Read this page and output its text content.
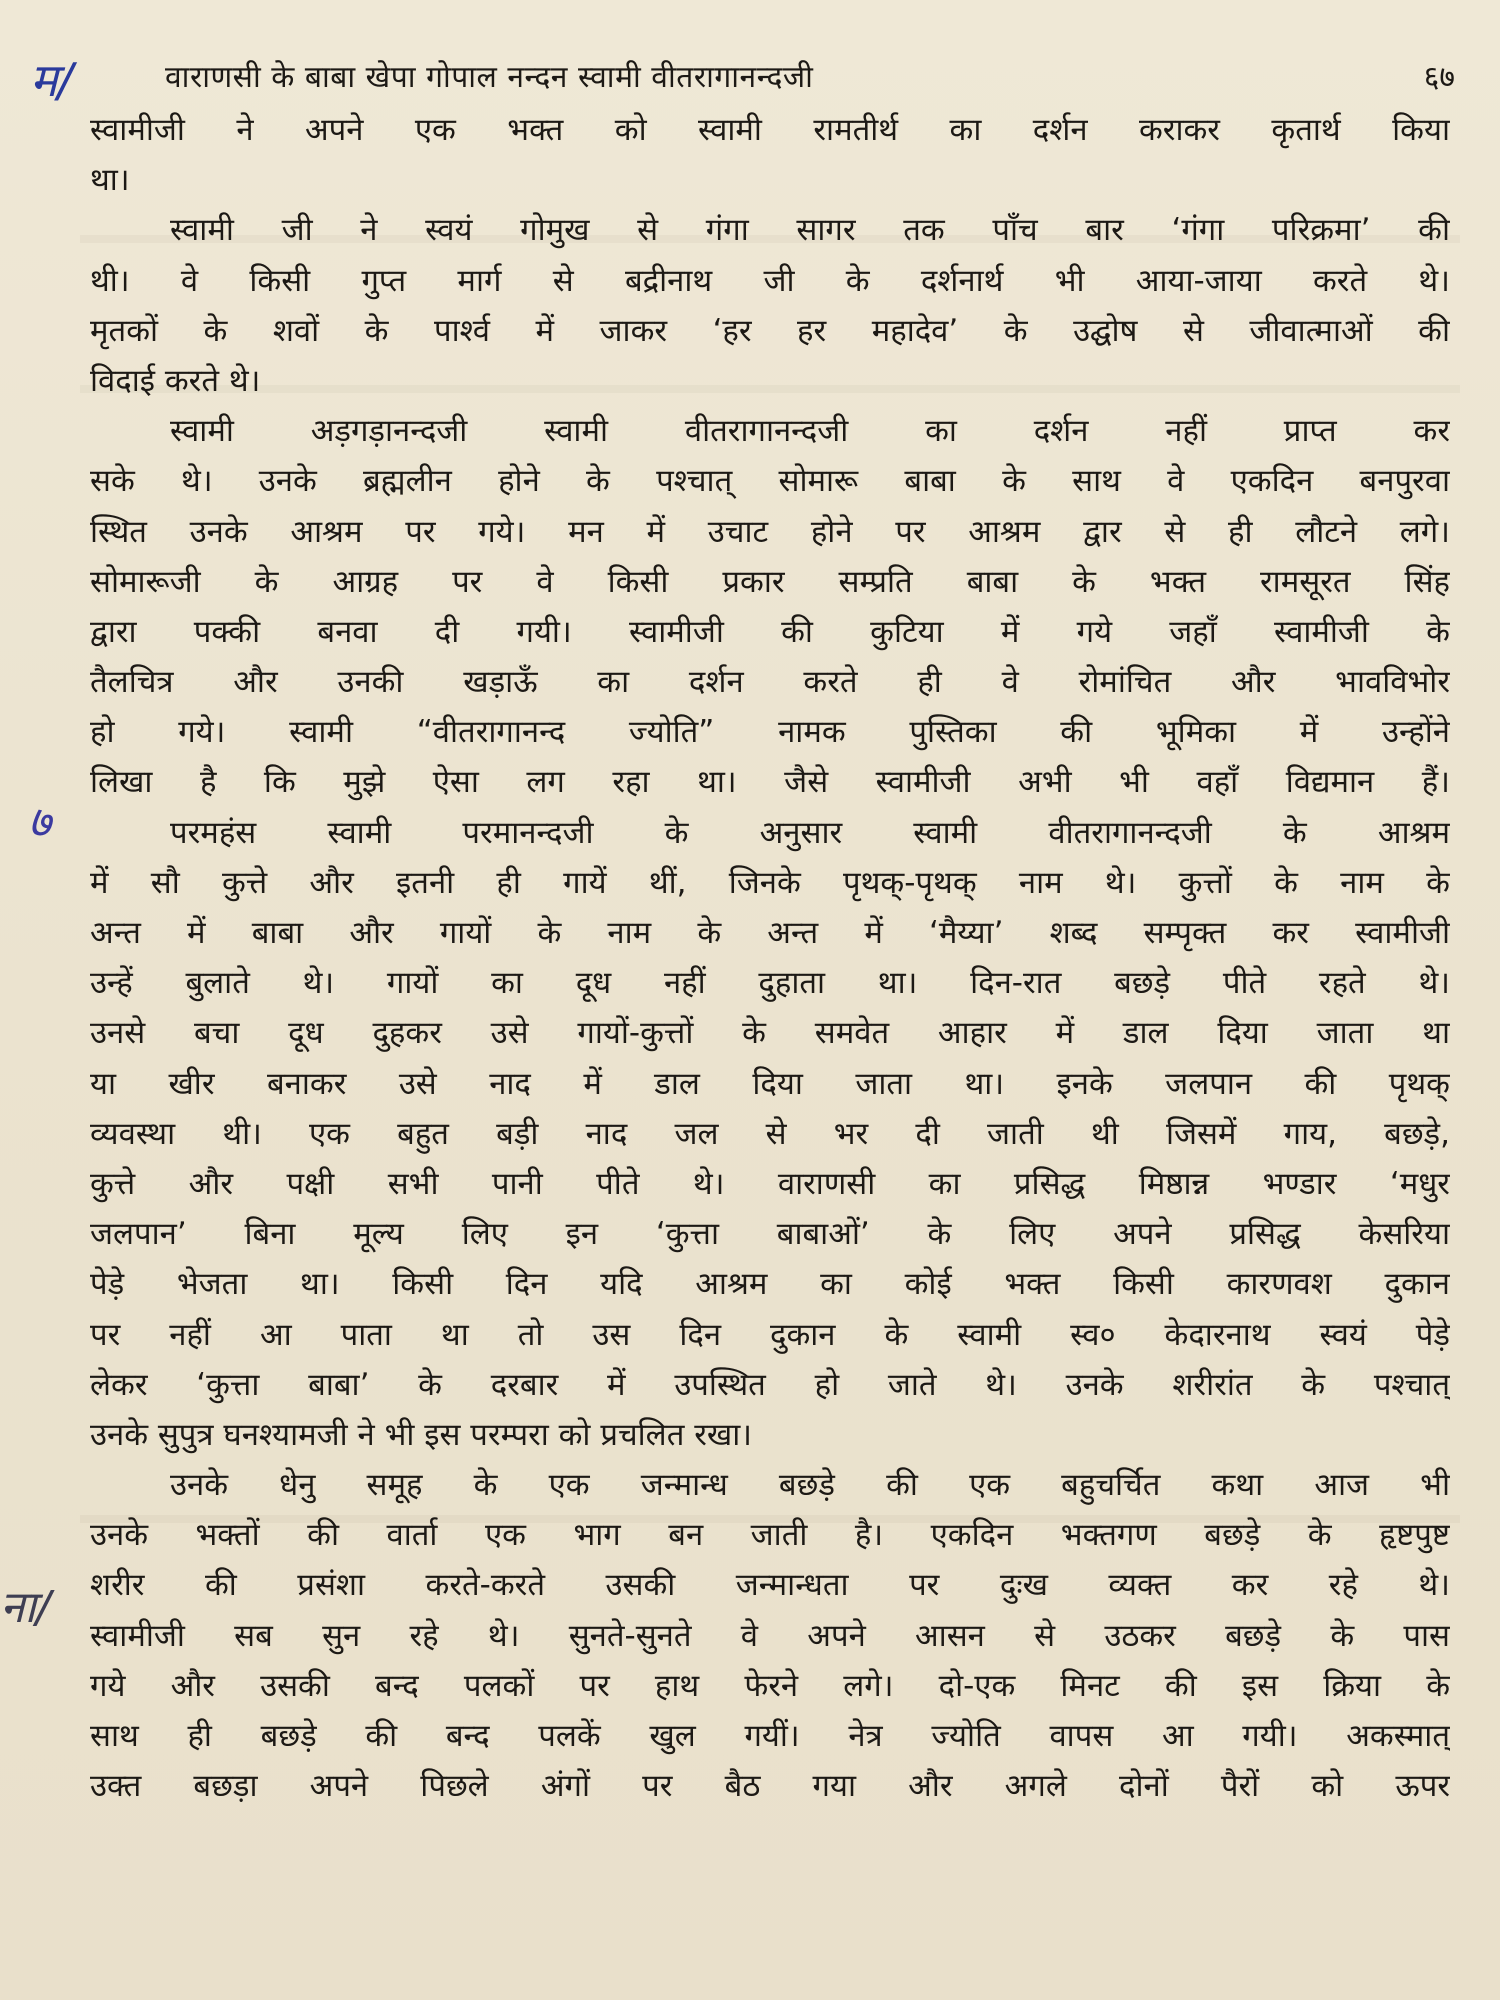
म/
७
ना/
वाराणसी के बाबा खेपा गोपाल नन्दन स्वामी वीतरागानन्दजी	६७
स्वामीजी ने अपने एक भक्त को स्वामी रामतीर्थ का दर्शन कराकर कृतार्थ किया
था।
स्वामी जी ने स्वयं गोमुख से गंगा सागर तक पाँच बार ‘गंगा परिक्रमा’ की
थी। वे किसी गुप्त मार्ग से बद्रीनाथ जी के दर्शनार्थ भी आया-जाया करते थे।
मृतकों के शवों के पार्श्व में जाकर ‘हर हर महादेव’ के उद्घोष से जीवात्माओं की
विदाई करते थे।
स्वामी अड़गड़ानन्दजी स्वामी वीतरागानन्दजी का दर्शन नहीं प्राप्त कर
सके थे। उनके ब्रह्मलीन होने के पश्चात् सोमारू बाबा के साथ वे एकदिन बनपुरवा
स्थित उनके आश्रम पर गये। मन में उचाट होने पर आश्रम द्वार से ही लौटने लगे।
सोमारूजी के आग्रह पर वे किसी प्रकार सम्प्रति बाबा के भक्त रामसूरत सिंह
द्वारा पक्की बनवा दी गयी। स्वामीजी की कुटिया में गये जहाँ स्वामीजी के
तैलचित्र और उनकी खड़ाऊँ का दर्शन करते ही वे रोमांचित और भावविभोर
हो गये। स्वामी “वीतरागानन्द ज्योति” नामक पुस्तिका की भूमिका में उन्होंने
लिखा है कि मुझे ऐसा लग रहा था। जैसे स्वामीजी अभी भी वहाँ विद्यमान हैं।
परमहंस स्वामी परमानन्दजी के अनुसार स्वामी वीतरागानन्दजी के आश्रम
में सौ कुत्ते और इतनी ही गायें थीं, जिनके पृथक्-पृथक् नाम थे। कुत्तों के नाम के
अन्त में बाबा और गायों के नाम के अन्त में ‘मैय्या’ शब्द सम्पृक्त कर स्वामीजी
उन्हें बुलाते थे। गायों का दूध नहीं दुहाता था। दिन-रात बछड़े पीते रहते थे।
उनसे बचा दूध दुहकर उसे गायों-कुत्तों के समवेत आहार में डाल दिया जाता था
या खीर बनाकर उसे नाद में डाल दिया जाता था। इनके जलपान की पृथक्
व्यवस्था थी। एक बहुत बड़ी नाद जल से भर दी जाती थी जिसमें गाय, बछड़े,
कुत्ते और पक्षी सभी पानी पीते थे। वाराणसी का प्रसिद्ध मिष्ठान्न भण्डार ‘मधुर
जलपान’ बिना मूल्य लिए इन ‘कुत्ता बाबाओं’ के लिए अपने प्रसिद्ध केसरिया
पेड़े भेजता था। किसी दिन यदि आश्रम का कोई भक्त किसी कारणवश दुकान
पर नहीं आ पाता था तो उस दिन दुकान के स्वामी स्व० केदारनाथ स्वयं पेड़े
लेकर ‘कुत्ता बाबा’ के दरबार में उपस्थित हो जाते थे। उनके शरीरांत के पश्चात्
उनके सुपुत्र घनश्यामजी ने भी इस परम्परा को प्रचलित रखा।
उनके धेनु समूह के एक जन्मान्ध बछड़े की एक बहुचर्चित कथा आज भी
उनके भक्तों की वार्ता एक भाग बन जाती है। एकदिन भक्तगण बछड़े के हृष्टपुष्ट
शरीर की प्रसंशा करते-करते उसकी जन्मान्धता पर दुःख व्यक्त कर रहे थे।
स्वामीजी सब सुन रहे थे। सुनते-सुनते वे अपने आसन से उठकर बछड़े के पास
गये और उसकी बन्द पलकों पर हाथ फेरने लगे। दो-एक मिनट की इस क्रिया के
साथ ही बछड़े की बन्द पलकें खुल गयीं। नेत्र ज्योति वापस आ गयी। अकस्मात्
उक्त बछड़ा अपने पिछले अंगों पर बैठ गया और अगले दोनों पैरों को ऊपर
